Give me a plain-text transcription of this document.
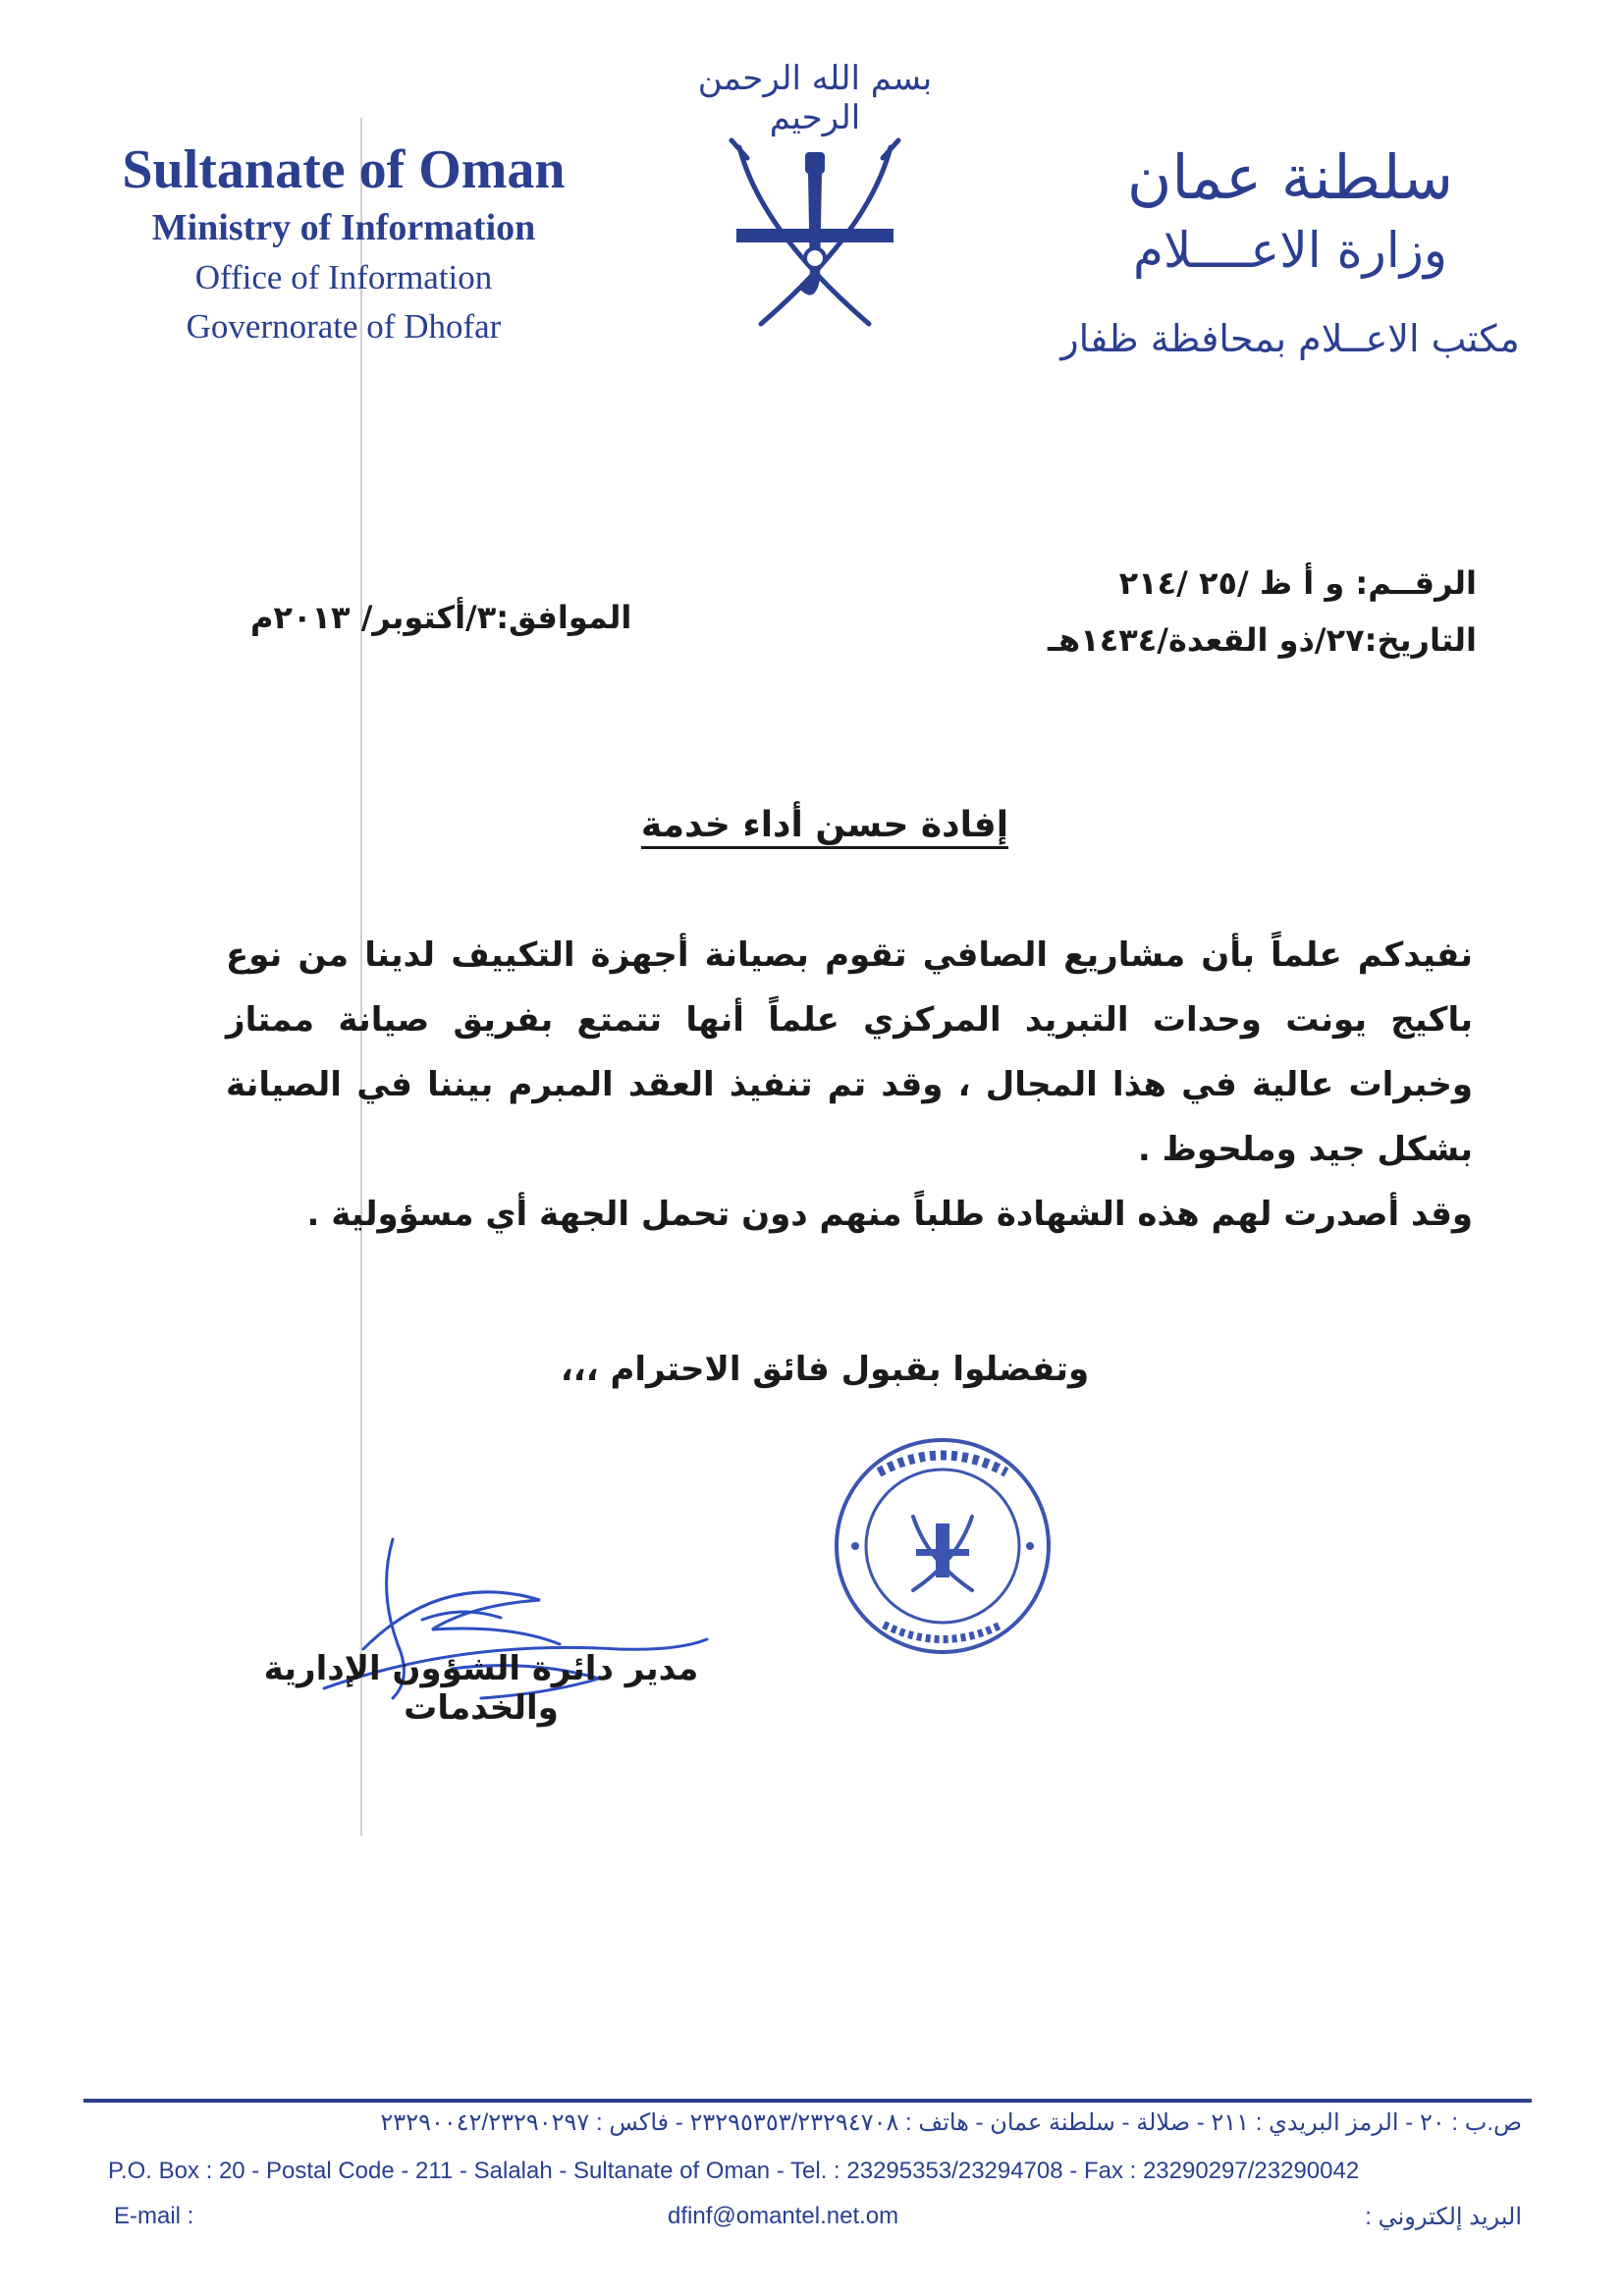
بسم الله الرحمن الرحيم
Sultanate of Oman
Ministry of Information
Office of Information
Governorate of Dhofar
سلطنة عمان
وزارة الاعــــلام
مكتب الاعــلام بمحافظة ظفار
الرقــم: و أ ظ /٢٥ /٢١٤
التاريخ:٢٧/ذو القعدة/١٤٣٤هـ
الموافق:٣/أكتوبر/ ٢٠١٣م
إفادة حسن أداء خدمة

نفيدكم علماً بأن مشاريع الصافي تقوم بصيانة أجهزة التكييف لدينا من نوع باكيج يونت وحدات التبريد المركزي علماً أنها تتمتع بفريق صيانة ممتاز وخبرات عالية في هذا المجال ، وقد تم تنفيذ العقد المبرم بيننا في الصيانة بشكل جيد وملحوظ .

وقد أصدرت لهم هذه الشهادة طلباً منهم دون تحمل الجهة أي مسؤولية .

وتفضلوا بقبول فائق الاحترام ،،،
مدير دائرة الشؤون الإدارية والخدمات
ص.ب : ٢٠ - الرمز البريدي : ٢١١ - صلالة - سلطنة عمان - هاتف : ٢٣٢٩٥٣٥٣/٢٣٢٩٤٧٠٨ - فاكس : ٢٣٢٩٠٠٤٢/٢٣٢٩٠٢٩٧
P.O. Box : 20 - Postal Code - 211 - Salalah - Sultanate of Oman - Tel. : 23295353/23294708 - Fax : 23290297/23290042
E-mail :	dfinf@omantel.net.om	البريد إلكتروني :
